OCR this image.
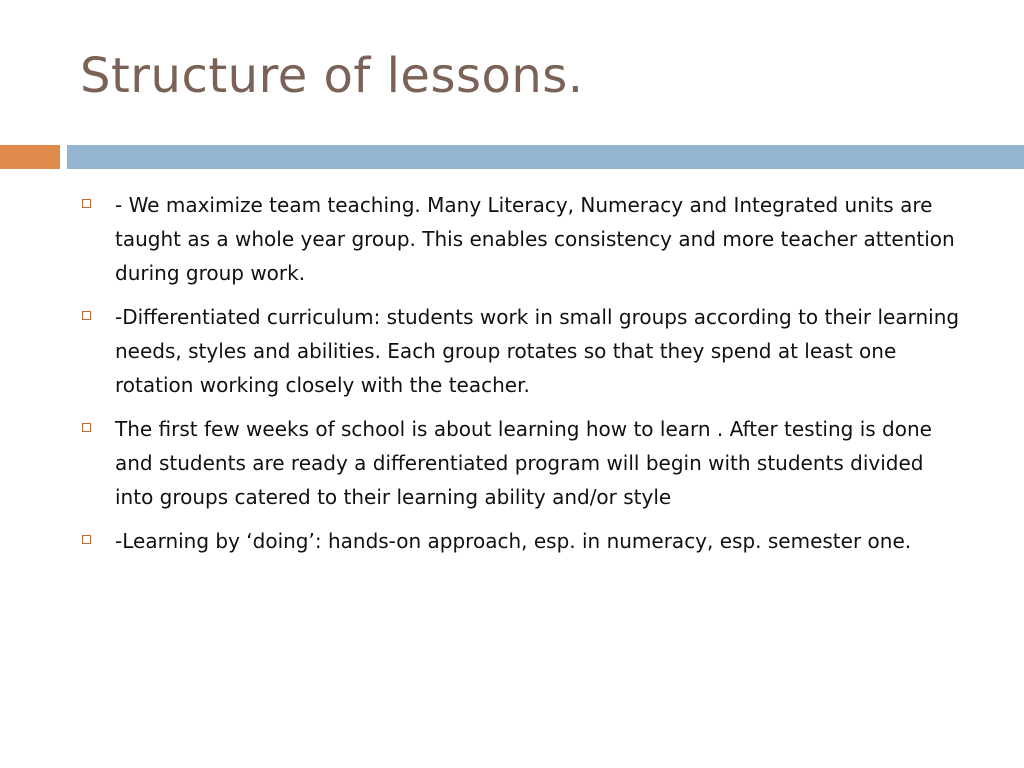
Structure of lessons.
- We maximize team teaching. Many Literacy, Numeracy and Integrated units are taught as a whole year group. This enables consistency and more teacher attention during group work.
-Differentiated curriculum: students work in small groups according to their learning needs, styles and abilities. Each group rotates so that they spend at least one rotation working closely with the teacher.
The first few weeks of school is about learning how to learn . After testing is done and students are ready a differentiated program will begin with students divided into groups catered to their learning ability and/or style
-Learning by ‘doing’: hands-on approach, esp. in numeracy, esp. semester one.
